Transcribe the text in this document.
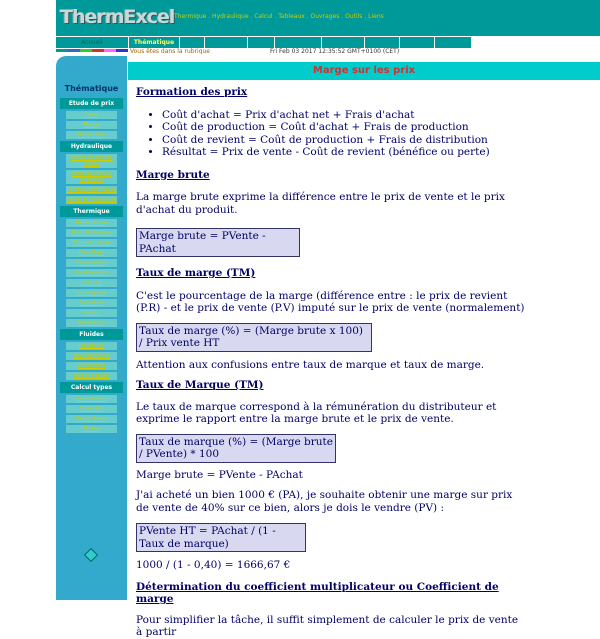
ThermExcel Thermique . Hydraulique . Calcul . Tableaux . Ouvrages . Outils . Liens
Accueil	Thématique
Vous êtes dans la rubrique	Fri Feb 03 2017 12:35:52 GMT+0100 (CET)
Thématique
Etude de prix
Devis
Marge
Rentabilité
Hydraulique
Pertes de charge réseau
Perte de charge singulière
Pompes centrifuges
Conduits ventilation
Thermique
Déperditions
Bilan thermique
Flux thermique
Chauffage
Climatisation
Condensation
Isolation
Echangeurs
Emissions
Vapeur
Ventilation
Fluides
Propriétés
Psychrométrie
Air humide
Eau et vapeur
Calcul types
Conversions
Formules
Outils divers
Unités
Marge sur les prix
Formation des prix
• Coût d'achat = Prix d'achat net + Frais d'achat
• Coût de production = Coût d'achat + Frais de production
• Coût de revient = Coût de production + Frais de distribution
• Résultat = Prix de vente - Coût de revient (bénéfice ou perte)
Marge brute

La marge brute exprime la différence entre le prix de vente et le prix d'achat du produit.

Marge brute = PVente - PAchat
Taux de marge (TM)

C'est le pourcentage de la marge (différence entre : le prix de revient (P.R) - et le prix de vente (P.V) imputé sur le prix de vente (normalement)

Taux de marge (%) = (Marge brute x 100) / Prix vente HT

Attention aux confusions entre taux de marque et taux de marge.

Taux de Marque (TM)

Le taux de marque correspond à la rémunération du distributeur et exprime le rapport entre la marge brute et le prix de vente.

Taux de marque (%) = (Marge brute / PVente) * 100

Marge brute = PVente - PAchat

J'ai acheté un bien 1000 € (PA), je souhaite obtenir une marge sur prix de vente de 40% sur ce bien, alors je dois le vendre (PV) :

PVente HT = PAchat / (1 - Taux de marque)

1000 / (1 - 0,40) = 1666,67 €

Détermination du coefficient multiplicateur ou Coefficient de marge

Pour simplifier la tâche, il suffit simplement de calculer le prix de vente à partir
